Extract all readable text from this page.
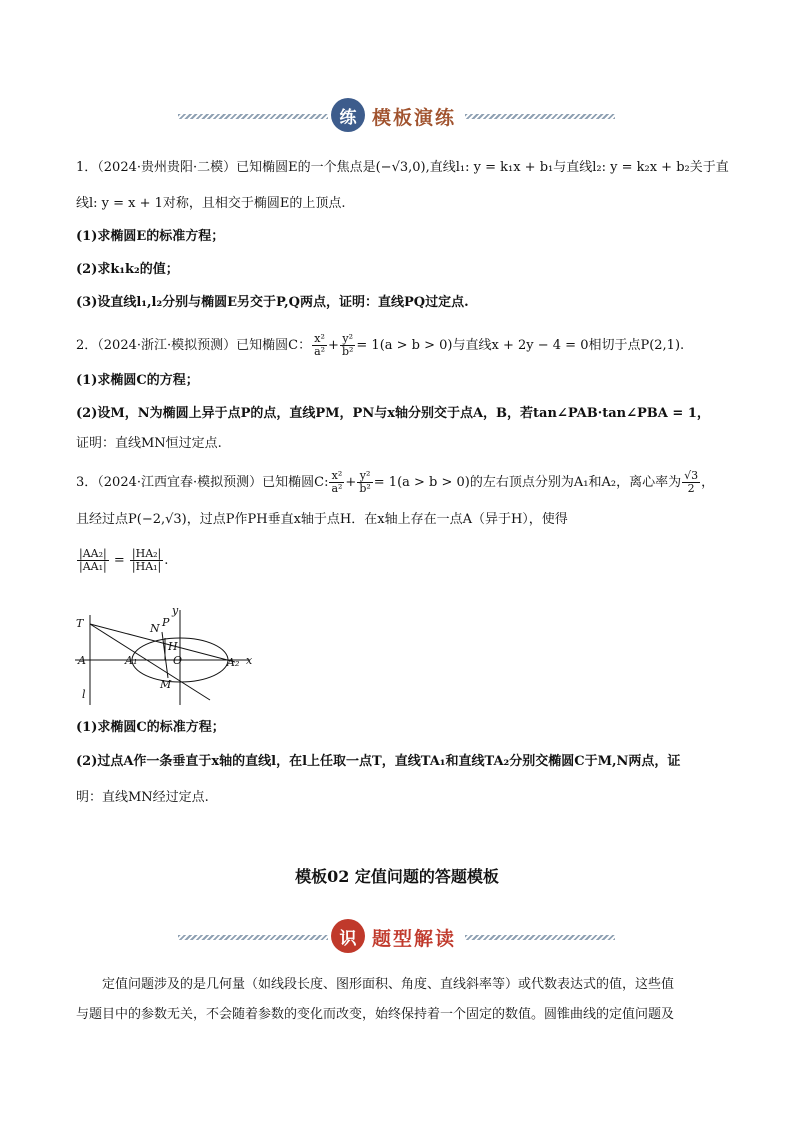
练 模板演练
1．（2024·贵州贵阳·二模）已知椭圆E的一个焦点是(−√3,0),直线l₁: y = k₁x + b₁与直线l₂: y = k₂x + b₂关于直
线l: y = x + 1对称，且相交于椭圆E的上顶点.
(1)求椭圆E的标准方程；
(2)求k₁k₂的值；
(3)设直线l₁,l₂分别与椭圆E另交于P,Q两点，证明：直线PQ过定点.
2．（2024·浙江·模拟预测）已知椭圆C： $\frac{\text{x²}}{\text{a²}} + \frac{\text{y²}}{\text{b²}} = 1(a > b > 0)$与直线x + 2y − 4 = 0相切于点P(2,1).
(1)求椭圆C的方程；
(2)设M，N为椭圆上异于点P的点，直线PM，PN与x轴分别交于点A，B，若tan∠PAB·tan∠PBA = 1，
证明：直线MN恒过定点.
3．（2024·江西宜春·模拟预测）已知椭圆C: $\frac{\text{x²}}{\text{a²}} + \frac{\text{y²}}{\text{b²}} = 1(a > b > 0)$的左右顶点分别为A₁和A₂，离心率为 $\frac{√3}{2}$ ，
且经过点P(−2,√3)，过点P作PH垂直x轴于点H．在x轴上存在一点A（异于H），使得
$\frac{\text{|AA₂|}}{\text{|AA₁|}} = \frac{\text{|HA₂|}}{\text{|HA₁|}}$ .
T	N P
H
A	A₁	O	A₂ x
y
l
M
(1)求椭圆C的标准方程；
(2)过点A作一条垂直于x轴的直线l，在l上任取一点T，直线TA₁和直线TA₂分别交椭圆C于M,N两点，证
明：直线MN经过定点.
模板02 定值问题的答题模板
识 题型解读

定值问题涉及的是几何量（如线段长度、图形面积、角度、直线斜率等）或代数表达式的值，这些值

与题目中的参数无关，不会随着参数的变化而改变，始终保持着一个固定的数值。圆锥曲线的定值问题及
